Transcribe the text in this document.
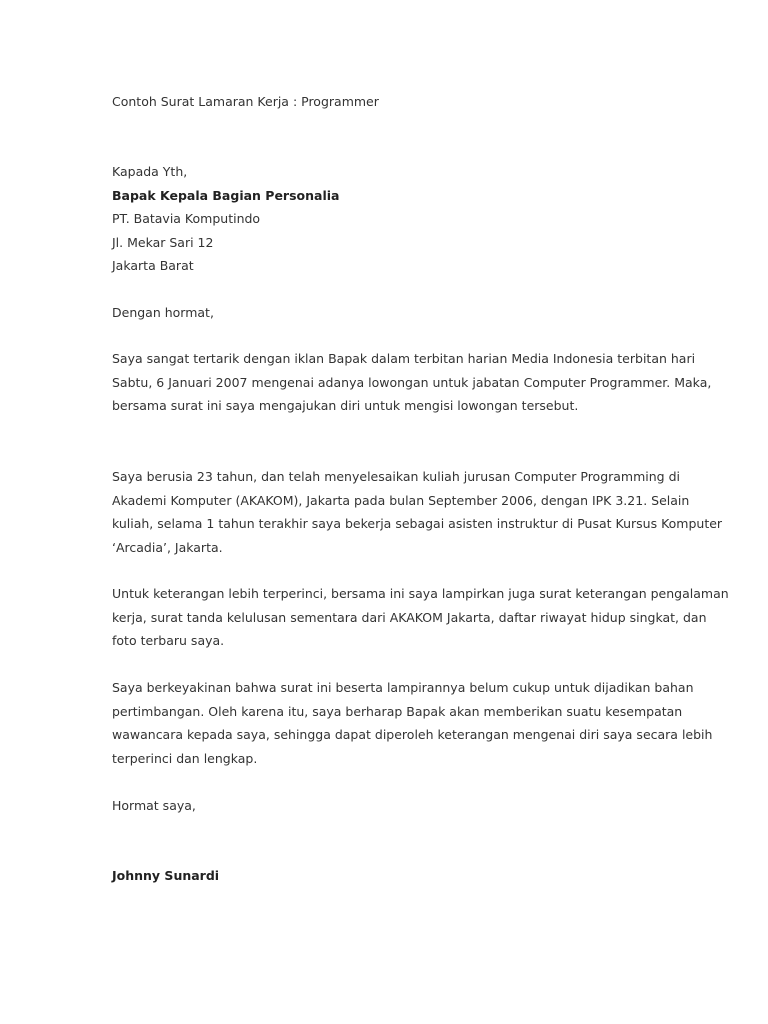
Contoh Surat Lamaran Kerja : Programmer

Kapada Yth,

Bapak Kepala Bagian Personalia

PT. Batavia Komputindo

Jl. Mekar Sari 12

Jakarta Barat

Dengan hormat,

Saya sangat tertarik dengan iklan Bapak dalam terbitan harian Media Indonesia terbitan hari

Sabtu, 6 Januari 2007 mengenai adanya lowongan untuk jabatan Computer Programmer. Maka,

bersama surat ini saya mengajukan diri untuk mengisi lowongan tersebut.

Saya berusia 23 tahun, dan telah menyelesaikan kuliah jurusan Computer Programming di

Akademi Komputer (AKAKOM), Jakarta pada bulan September 2006, dengan IPK 3.21. Selain

kuliah, selama 1 tahun terakhir saya bekerja sebagai asisten instruktur di Pusat Kursus Komputer

‘Arcadia’, Jakarta.

Untuk keterangan lebih terperinci, bersama ini saya lampirkan juga surat keterangan pengalaman

kerja, surat tanda kelulusan sementara dari AKAKOM Jakarta, daftar riwayat hidup singkat, dan

foto terbaru saya.

Saya berkeyakinan bahwa surat ini beserta lampirannya belum cukup untuk dijadikan bahan

pertimbangan. Oleh karena itu, saya berharap Bapak akan memberikan suatu kesempatan

wawancara kepada saya, sehingga dapat diperoleh keterangan mengenai diri saya secara lebih

terperinci dan lengkap.

Hormat saya,

Johnny Sunardi
